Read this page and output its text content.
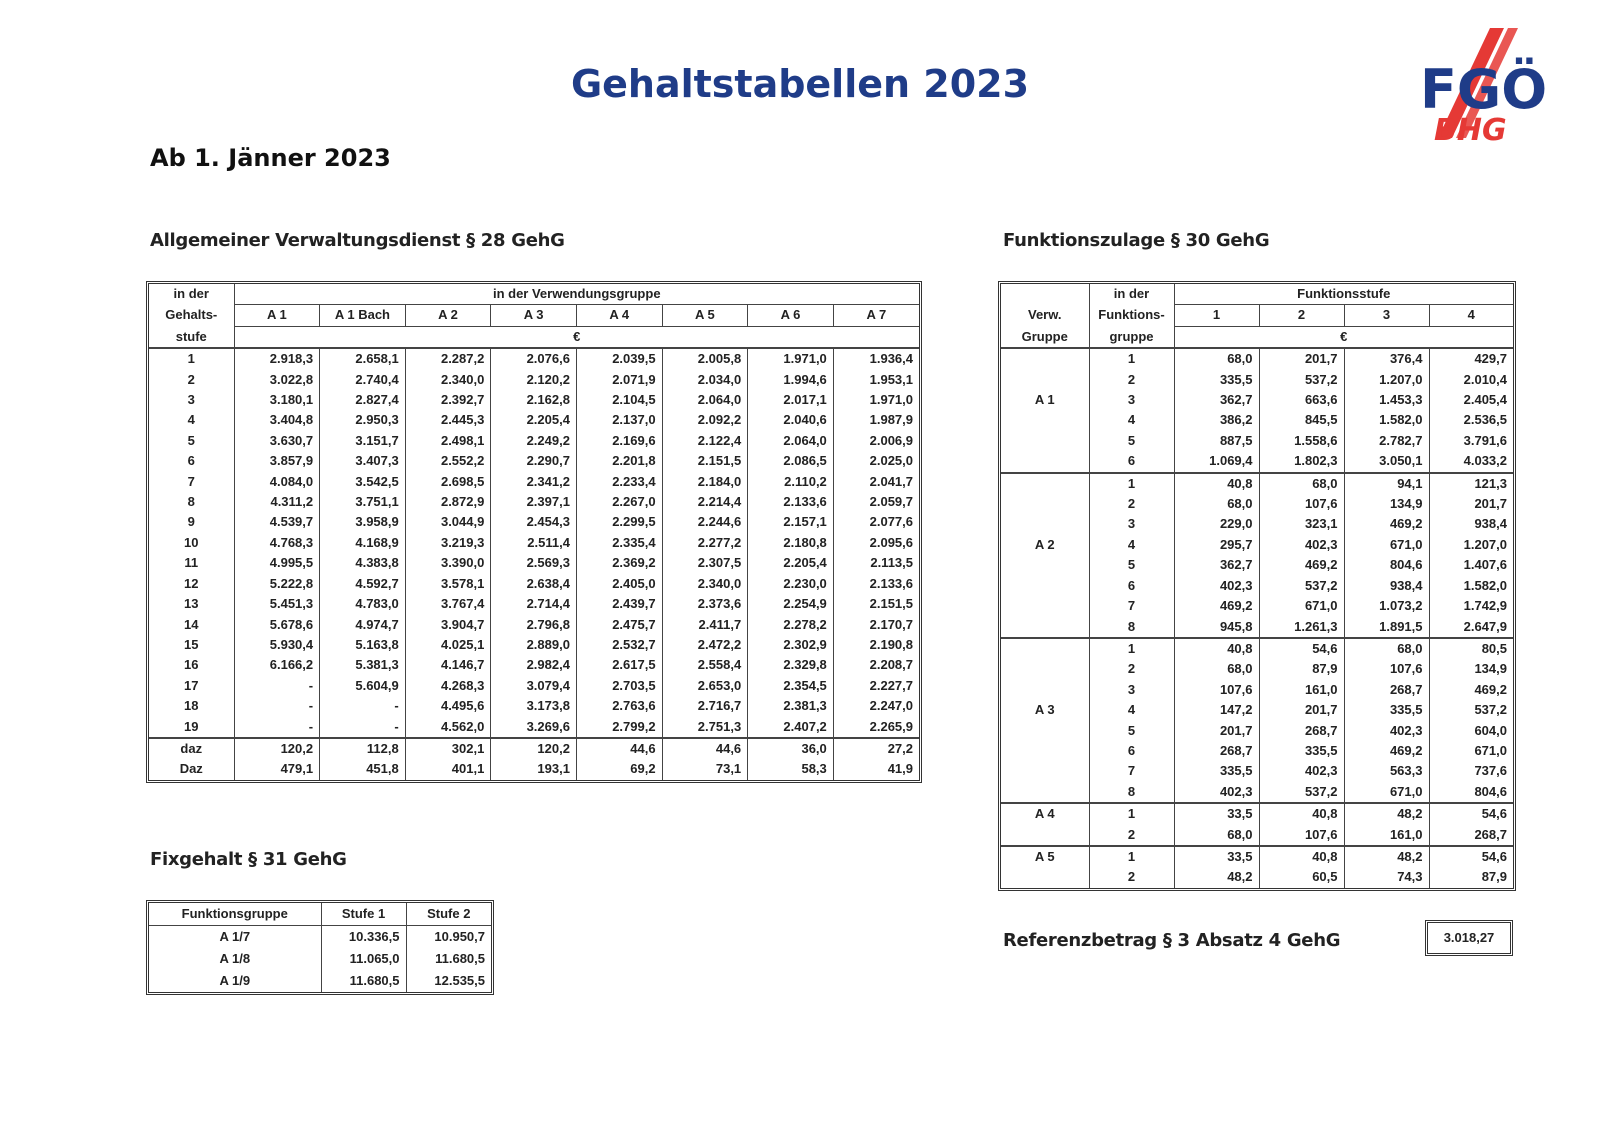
Gehaltstabellen 2023
Ab 1. Jänner 2023
FGÖ
BHG
Allgemeiner Verwaltungsdienst § 28 GehG
in der	in der Verwendungsgruppe							
Gehalts-	A 1	A 1 Bach	A 2	A 3	A 4	A 5	A 6	A 7
stufe	€							
1	2.918,3	2.658,1	2.287,2	2.076,6	2.039,5	2.005,8	1.971,0	1.936,4
2	3.022,8	2.740,4	2.340,0	2.120,2	2.071,9	2.034,0	1.994,6	1.953,1
3	3.180,1	2.827,4	2.392,7	2.162,8	2.104,5	2.064,0	2.017,1	1.971,0
4	3.404,8	2.950,3	2.445,3	2.205,4	2.137,0	2.092,2	2.040,6	1.987,9
5	3.630,7	3.151,7	2.498,1	2.249,2	2.169,6	2.122,4	2.064,0	2.006,9
6	3.857,9	3.407,3	2.552,2	2.290,7	2.201,8	2.151,5	2.086,5	2.025,0
7	4.084,0	3.542,5	2.698,5	2.341,2	2.233,4	2.184,0	2.110,2	2.041,7
8	4.311,2	3.751,1	2.872,9	2.397,1	2.267,0	2.214,4	2.133,6	2.059,7
9	4.539,7	3.958,9	3.044,9	2.454,3	2.299,5	2.244,6	2.157,1	2.077,6
10	4.768,3	4.168,9	3.219,3	2.511,4	2.335,4	2.277,2	2.180,8	2.095,6
11	4.995,5	4.383,8	3.390,0	2.569,3	2.369,2	2.307,5	2.205,4	2.113,5
12	5.222,8	4.592,7	3.578,1	2.638,4	2.405,0	2.340,0	2.230,0	2.133,6
13	5.451,3	4.783,0	3.767,4	2.714,4	2.439,7	2.373,6	2.254,9	2.151,5
14	5.678,6	4.974,7	3.904,7	2.796,8	2.475,7	2.411,7	2.278,2	2.170,7
15	5.930,4	5.163,8	4.025,1	2.889,0	2.532,7	2.472,2	2.302,9	2.190,8
16	6.166,2	5.381,3	4.146,7	2.982,4	2.617,5	2.558,4	2.329,8	2.208,7
17	-	5.604,9	4.268,3	3.079,4	2.703,5	2.653,0	2.354,5	2.227,7
18	-	-	4.495,6	3.173,8	2.763,6	2.716,7	2.381,3	2.247,0
19	-	-	4.562,0	3.269,6	2.799,2	2.751,3	2.407,2	2.265,9
daz	120,2	112,8	302,1	120,2	44,6	44,6	36,0	27,2
Daz	479,1	451,8	401,1	193,1	69,2	73,1	58,3	41,9
Funktionszulage § 30 GehG
	in der	Funktionsstufe			
Verw.	Funktions-	1	2	3	4
Gruppe	gruppe	€			
	1	68,0	201,7	376,4	429,7
	2	335,5	537,2	1.207,0	2.010,4
A 1	3	362,7	663,6	1.453,3	2.405,4
	4	386,2	845,5	1.582,0	2.536,5
	5	887,5	1.558,6	2.782,7	3.791,6
	6	1.069,4	1.802,3	3.050,1	4.033,2
	1	40,8	68,0	94,1	121,3
	2	68,0	107,6	134,9	201,7
	3	229,0	323,1	469,2	938,4
A 2	4	295,7	402,3	671,0	1.207,0
	5	362,7	469,2	804,6	1.407,6
	6	402,3	537,2	938,4	1.582,0
	7	469,2	671,0	1.073,2	1.742,9
	8	945,8	1.261,3	1.891,5	2.647,9
	1	40,8	54,6	68,0	80,5
	2	68,0	87,9	107,6	134,9
	3	107,6	161,0	268,7	469,2
A 3	4	147,2	201,7	335,5	537,2
	5	201,7	268,7	402,3	604,0
	6	268,7	335,5	469,2	671,0
	7	335,5	402,3	563,3	737,6
	8	402,3	537,2	671,0	804,6
A 4	1	33,5	40,8	48,2	54,6
	2	68,0	107,6	161,0	268,7
A 5	1	33,5	40,8	48,2	54,6
	2	48,2	60,5	74,3	87,9
Fixgehalt § 31 GehG
Funktionsgruppe	Stufe 1	Stufe 2
A 1/7	10.336,5	10.950,7
A 1/8	11.065,0	11.680,5
A 1/9	11.680,5	12.535,5
Referenzbetrag § 3 Absatz 4 GehG	3.018,27
